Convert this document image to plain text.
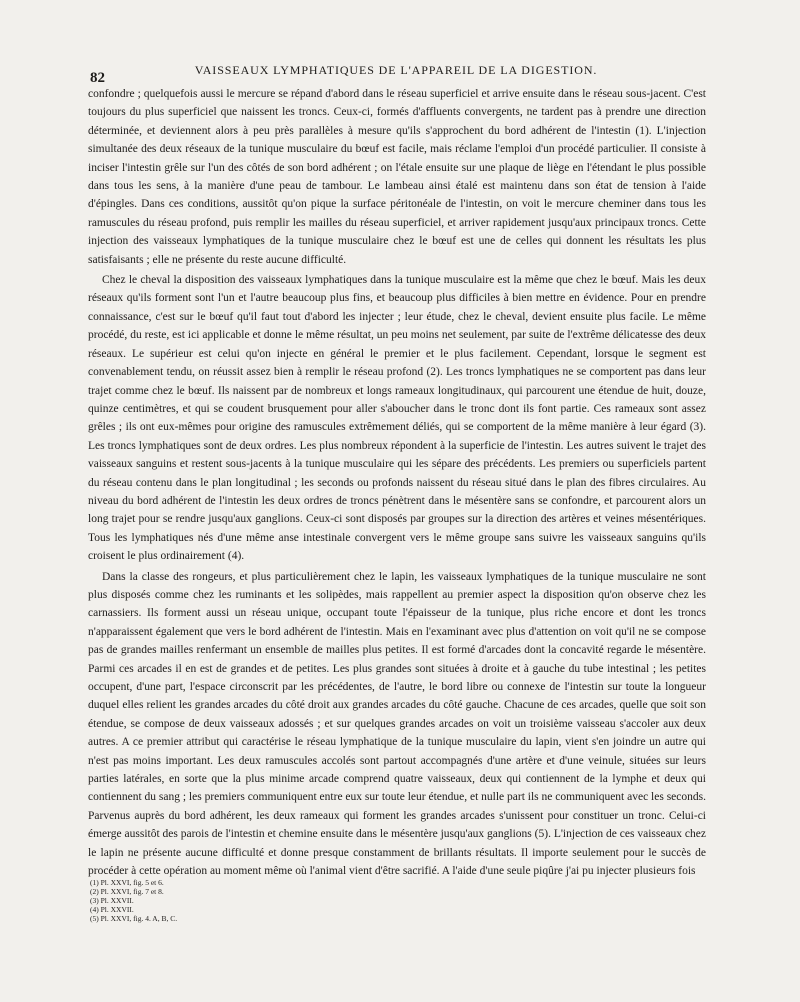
82	VAISSEAUX LYMPHATIQUES DE L'APPAREIL DE LA DIGESTION.

confondre ; quelquefois aussi le mercure se répand d'abord dans le réseau superficiel et arrive ensuite dans le réseau sous-jacent. C'est toujours du plus superficiel que naissent les troncs. Ceux-ci, formés d'affluents convergents, ne tardent pas à prendre une direction déterminée, et deviennent alors à peu près parallèles à mesure qu'ils s'approchent du bord adhérent de l'intestin (1). L'injection simultanée des deux réseaux de la tunique musculaire du bœuf est facile, mais réclame l'emploi d'un procédé particulier. Il consiste à inciser l'intestin grêle sur l'un des côtés de son bord adhérent ; on l'étale ensuite sur une plaque de liège en l'étendant le plus possible dans tous les sens, à la manière d'une peau de tambour. Le lambeau ainsi étalé est maintenu dans son état de tension à l'aide d'épingles. Dans ces conditions, aussitôt qu'on pique la surface péritonéale de l'intestin, on voit le mercure cheminer dans tous les ramuscules du réseau profond, puis remplir les mailles du réseau superficiel, et arriver rapidement jusqu'aux principaux troncs. Cette injection des vaisseaux lymphatiques de la tunique musculaire chez le bœuf est une de celles qui donnent les résultats les plus satisfaisants ; elle ne présente du reste aucune difficulté.

Chez le cheval la disposition des vaisseaux lymphatiques dans la tunique musculaire est la même que chez le bœuf. Mais les deux réseaux qu'ils forment sont l'un et l'autre beaucoup plus fins, et beaucoup plus difficiles à bien mettre en évidence. Pour en prendre connaissance, c'est sur le bœuf qu'il faut tout d'abord les injecter ; leur étude, chez le cheval, devient ensuite plus facile. Le même procédé, du reste, est ici applicable et donne le même résultat, un peu moins net seulement, par suite de l'extrême délicatesse des deux réseaux. Le supérieur est celui qu'on injecte en général le premier et le plus facilement. Cependant, lorsque le segment est convenablement tendu, on réussit assez bien à remplir le réseau profond (2). Les troncs lymphatiques ne se comportent pas dans leur trajet comme chez le bœuf. Ils naissent par de nombreux et longs rameaux longitudinaux, qui parcourent une étendue de huit, douze, quinze centimètres, et qui se coudent brusquement pour aller s'aboucher dans le tronc dont ils font partie. Ces rameaux sont assez grêles ; ils ont eux-mêmes pour origine des ramuscules extrêmement déliés, qui se comportent de la même manière à leur égard (3). Les troncs lymphatiques sont de deux ordres. Les plus nombreux répondent à la superficie de l'intestin. Les autres suivent le trajet des vaisseaux sanguins et restent sous-jacents à la tunique musculaire qui les sépare des précédents. Les premiers ou superficiels partent du réseau contenu dans le plan longitudinal ; les seconds ou profonds naissent du réseau situé dans le plan des fibres circulaires. Au niveau du bord adhérent de l'intestin les deux ordres de troncs pénètrent dans le mésentère sans se confondre, et parcourent alors un long trajet pour se rendre jusqu'aux ganglions. Ceux-ci sont disposés par groupes sur la direction des artères et veines mésentériques. Tous les lymphatiques nés d'une même anse intestinale convergent vers le même groupe sans suivre les vaisseaux sanguins qu'ils croisent le plus ordinairement (4).

Dans la classe des rongeurs, et plus particulièrement chez le lapin, les vaisseaux lymphatiques de la tunique musculaire ne sont plus disposés comme chez les ruminants et les solipèdes, mais rappellent au premier aspect la disposition qu'on observe chez les carnassiers. Ils forment aussi un réseau unique, occupant toute l'épaisseur de la tunique, plus riche encore et dont les troncs n'apparaissent également que vers le bord adhérent de l'intestin. Mais en l'examinant avec plus d'attention on voit qu'il ne se compose pas de grandes mailles renfermant un ensemble de mailles plus petites. Il est formé d'arcades dont la concavité regarde le mésentère. Parmi ces arcades il en est de grandes et de petites. Les plus grandes sont situées à droite et à gauche du tube intestinal ; les petites occupent, d'une part, l'espace circonscrit par les précédentes, de l'autre, le bord libre ou connexe de l'intestin sur toute la longueur duquel elles relient les grandes arcades du côté droit aux grandes arcades du côté gauche. Chacune de ces arcades, quelle que soit son étendue, se compose de deux vaisseaux adossés ; et sur quelques grandes arcades on voit un troisième vaisseau s'accoler aux deux autres. A ce premier attribut qui caractérise le réseau lymphatique de la tunique musculaire du lapin, vient s'en joindre un autre qui n'est pas moins important. Les deux ramuscules accolés sont partout accompagnés d'une artère et d'une veinule, situées sur leurs parties latérales, en sorte que la plus minime arcade comprend quatre vaisseaux, deux qui contiennent de la lymphe et deux qui contiennent du sang ; les premiers communiquent entre eux sur toute leur étendue, et nulle part ils ne communiquent avec les seconds. Parvenus auprès du bord adhérent, les deux rameaux qui forment les grandes arcades s'unissent pour constituer un tronc. Celui-ci émerge aussitôt des parois de l'intestin et chemine ensuite dans le mésentère jusqu'aux ganglions (5). L'injection de ces vaisseaux chez le lapin ne présente aucune difficulté et donne presque constamment de brillants résultats. Il importe seulement pour le succès de procéder à cette opération au moment même où l'animal vient d'être sacrifié. A l'aide d'une seule piqûre j'ai pu injecter plusieurs fois

(1) Pl. XXVI, fig. 5 et 6.
(2) Pl. XXVI, fig. 7 et 8.
(3) Pl. XXVII.
(4) Pl. XXVII.
(5) Pl. XXVI, fig. 4. A, B, C.
